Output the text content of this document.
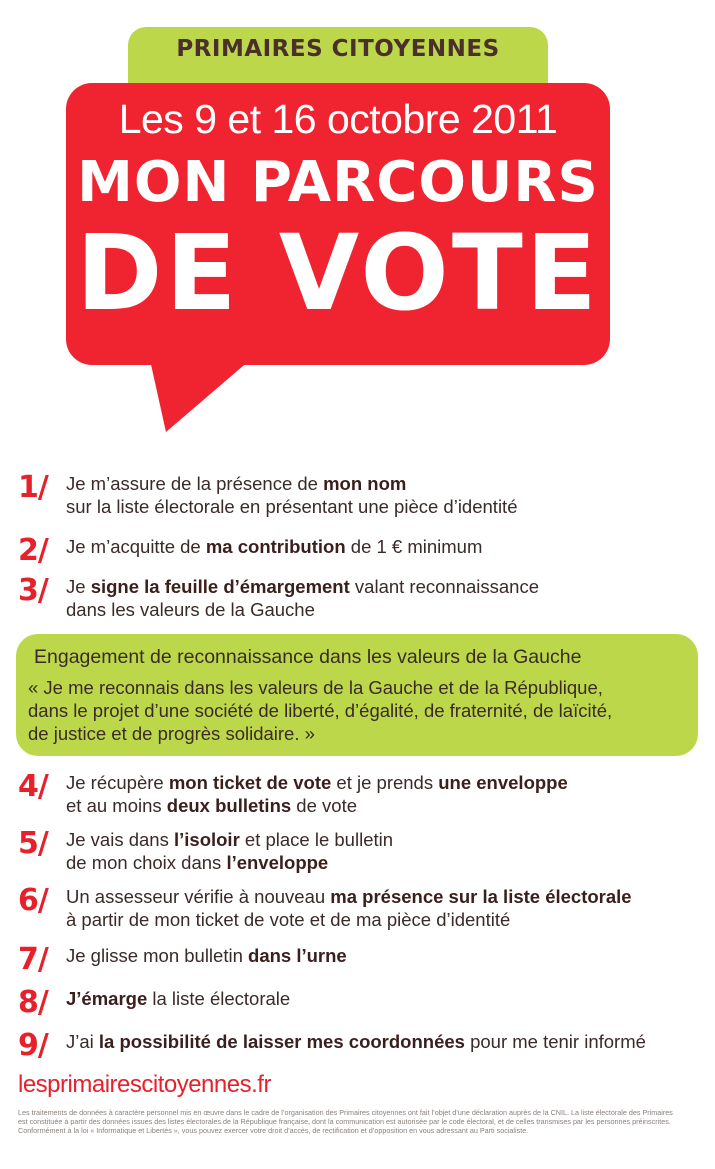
PRIMAIRES CITOYENNES
Les 9 et 16 octobre 2011
MON PARCOURS
DE VOTE
1/ Je m’assure de la présence de mon nom
sur la liste électorale en présentant une pièce d’identité
2/ Je m’acquitte de ma contribution de 1 € minimum
3/ Je signe la feuille d’émargement valant reconnaissance
dans les valeurs de la Gauche
Engagement de reconnaissance dans les valeurs de la Gauche
« Je me reconnais dans les valeurs de la Gauche et de la République,
dans le projet d’une société de liberté, d’égalité, de fraternité, de laïcité,
de justice et de progrès solidaire. »
4/ Je récupère mon ticket de vote et je prends une enveloppe
et au moins deux bulletins de vote
5/ Je vais dans l’isoloir et place le bulletin
de mon choix dans l’enveloppe
6/ Un assesseur vérifie à nouveau ma présence sur la liste électorale
à partir de mon ticket de vote et de ma pièce d’identité
7/ Je glisse mon bulletin dans l’urne
8/ J’émarge la liste électorale
9/ J’ai la possibilité de laisser mes coordonnées pour me tenir informé
lesprimairescitoyennes.fr
Les traitements de données à caractère personnel mis en œuvre dans le cadre de l’organisation des Primaires citoyennes ont fait l’objet d’une déclaration auprès de la CNIL. La liste électorale des Primaires est constituée à partir des données issues des listes électorales de la République française, dont la communication est autorisée par le code électoral, et de celles transmises par les personnes préinscrites. Conformément à la loi « Informatique et Libertés », vous pouvez exercer votre droit d’accès, de rectification et d’opposition en vous adressant au Parti socialiste.
